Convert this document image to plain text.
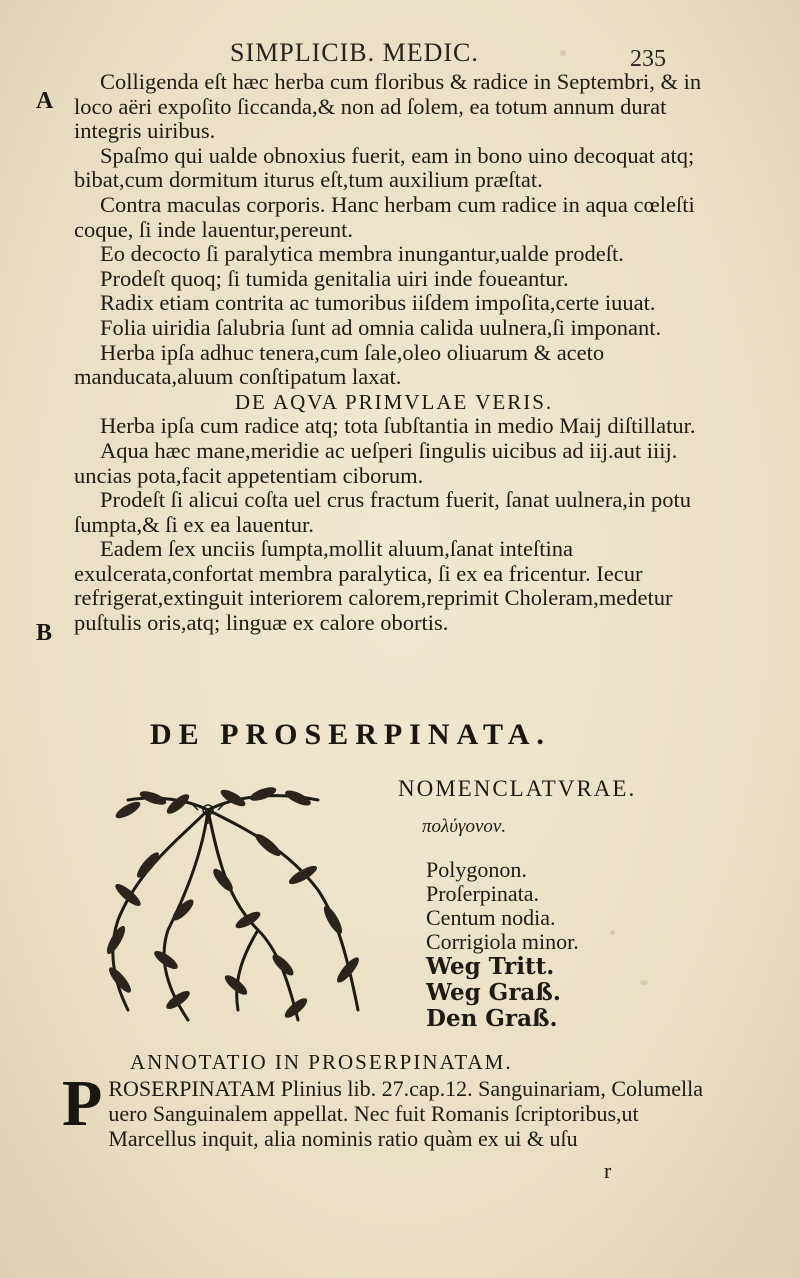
SIMPLICIB. MEDIC.	235
A
B

Colligenda eſt hæc herba cum floribus & radice in Septembri, & in loco aëri expoſito ſiccanda,& non ad ſolem, ea totum annum durat integris uiribus.

Spaſmo qui ualde obnoxius fuerit, eam in bono uino decoquat atq; bibat,cum dormitum iturus eſt,tum auxilium præſtat.

Contra maculas corporis. Hanc herbam cum radice in aqua cœleſti coque, ſi inde lauentur,pereunt.

Eo decocto ſi paralytica membra inungantur,ualde prodeſt.

Prodeſt quoq; ſi tumida genitalia uiri inde foueantur.

Radix etiam contrita ac tumoribus iiſdem impoſita,certe iuuat.

Folia uiridia ſalubria ſunt ad omnia calida uulnera,ſi imponant.

Herba ipſa adhuc tenera,cum ſale,oleo oliuarum & aceto manducata,aluum conſtipatum laxat.

DE AQVA PRIMVLAE VERIS.

Herba ipſa cum radice atq; tota ſubſtantia in medio Maij diſtillatur.

Aqua hæc mane,meridie ac ueſperi ſingulis uicibus ad iij.aut iiij. uncias pota,facit appetentiam ciborum.

Prodeſt ſi alicui coſta uel crus fractum fuerit, ſanat uulnera,in potu ſumpta,& ſi ex ea lauentur.

Eadem ſex unciis ſumpta,mollit aluum,ſanat inteſtina exulcerata,confortat membra paralytica, ſi ex ea fricentur. Iecur refrigerat,extinguit interiorem calorem,reprimit Choleram,medetur puſtulis oris,atq; linguæ ex calore obortis.

DE PROSERPINATA.

NOMENCLATVRAE.

πολύγονον.

Polygonon.

Proſerpinata.

Centum nodia.

Corrigiola minor.

Weg Tritt.

Weg Graß.

Den Graß.

ANNOTATIO IN PROSERPINATAM.
P ROSERPINATAM Plinius lib. 27.cap.12. Sanguinariam, Columella uero Sanguinalem appellat. Nec fuit Romanis ſcriptoribus,ut Marcellus inquit, alia nominis ratio quàm ex ui & uſu

r
